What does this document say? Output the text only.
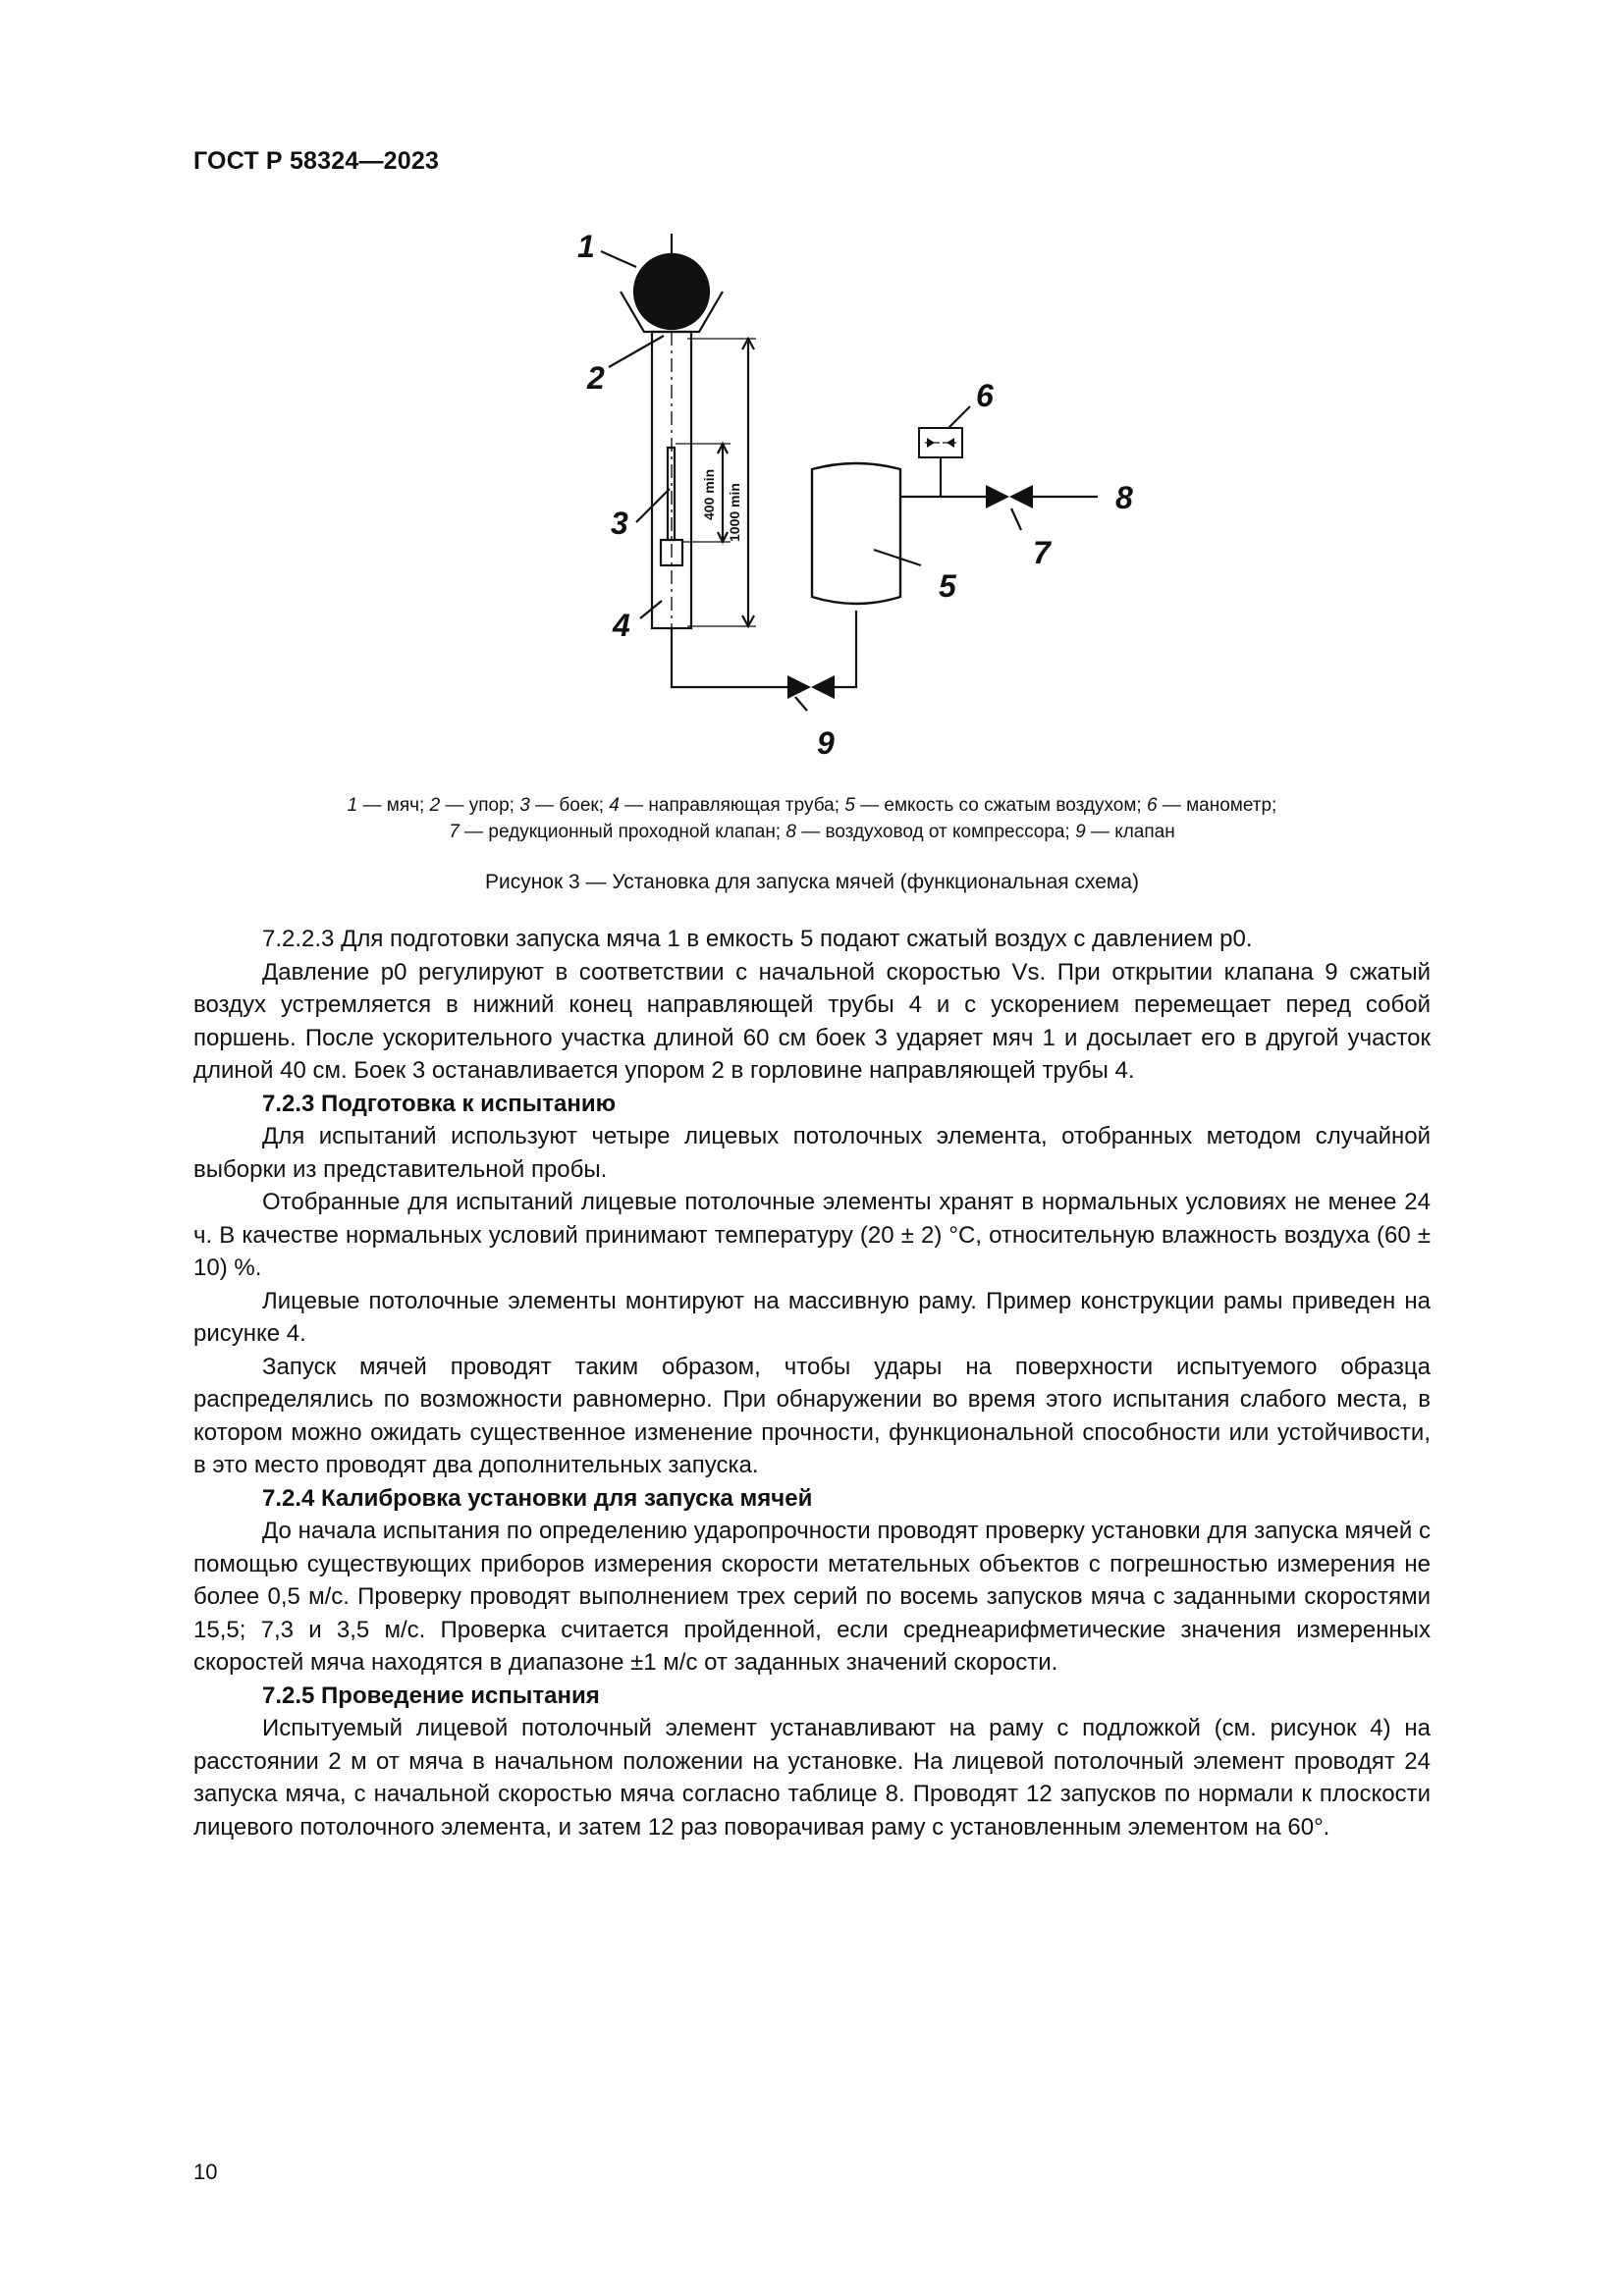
ГОСТ Р 58324—2023
400 min 1000 min
1
2
3
4
5
6
7
8
9
1 — мяч; 2 — упор; 3 — боек; 4 — направляющая труба; 5 — емкость со сжатым воздухом; 6 — манометр;
7 — редукционный проходной клапан; 8 — воздуховод от компрессора; 9 — клапан
Рисунок 3 — Установка для запуска мячей (функциональная схема)

7.2.2.3 Для подготовки запуска мяча 1 в емкость 5 подают сжатый воздух с давлением p0.

Давление p0 регулируют в соответствии с начальной скоростью Vs. При открытии клапана 9 сжатый воздух устремляется в нижний конец направляющей трубы 4 и с ускорением перемещает перед собой поршень. После ускорительного участка длиной 60 см боек 3 ударяет мяч 1 и досылает его в другой участок длиной 40 см. Боек 3 останавливается упором 2 в горловине направляющей трубы 4.

7.2.3 Подготовка к испытанию

Для испытаний используют четыре лицевых потолочных элемента, отобранных методом случайной выборки из представительной пробы.

Отобранные для испытаний лицевые потолочные элементы хранят в нормальных условиях не менее 24 ч. В качестве нормальных условий принимают температуру (20 ± 2) °С, относительную влажность воздуха (60 ± 10) %.

Лицевые потолочные элементы монтируют на массивную раму. Пример конструкции рамы приведен на рисунке 4.

Запуск мячей проводят таким образом, чтобы удары на поверхности испытуемого образца распределялись по возможности равномерно. При обнаружении во время этого испытания слабого места, в котором можно ожидать существенное изменение прочности, функциональной способности или устойчивости, в это место проводят два дополнительных запуска.

7.2.4 Калибровка установки для запуска мячей

До начала испытания по определению ударопрочности проводят проверку установки для запуска мячей с помощью существующих приборов измерения скорости метательных объектов с погрешностью измерения не более 0,5 м/с. Проверку проводят выполнением трех серий по восемь запусков мяча с заданными скоростями 15,5; 7,3 и 3,5 м/с. Проверка считается пройденной, если среднеарифметические значения измеренных скоростей мяча находятся в диапазоне ±1 м/с от заданных значений скорости.

7.2.5 Проведение испытания

Испытуемый лицевой потолочный элемент устанавливают на раму с подложкой (см. рисунок 4) на расстоянии 2 м от мяча в начальном положении на установке. На лицевой потолочный элемент проводят 24 запуска мяча, с начальной скоростью мяча согласно таблице 8. Проводят 12 запусков по нормали к плоскости лицевого потолочного элемента, и затем 12 раз поворачивая раму с установленным элементом на 60°.

10
